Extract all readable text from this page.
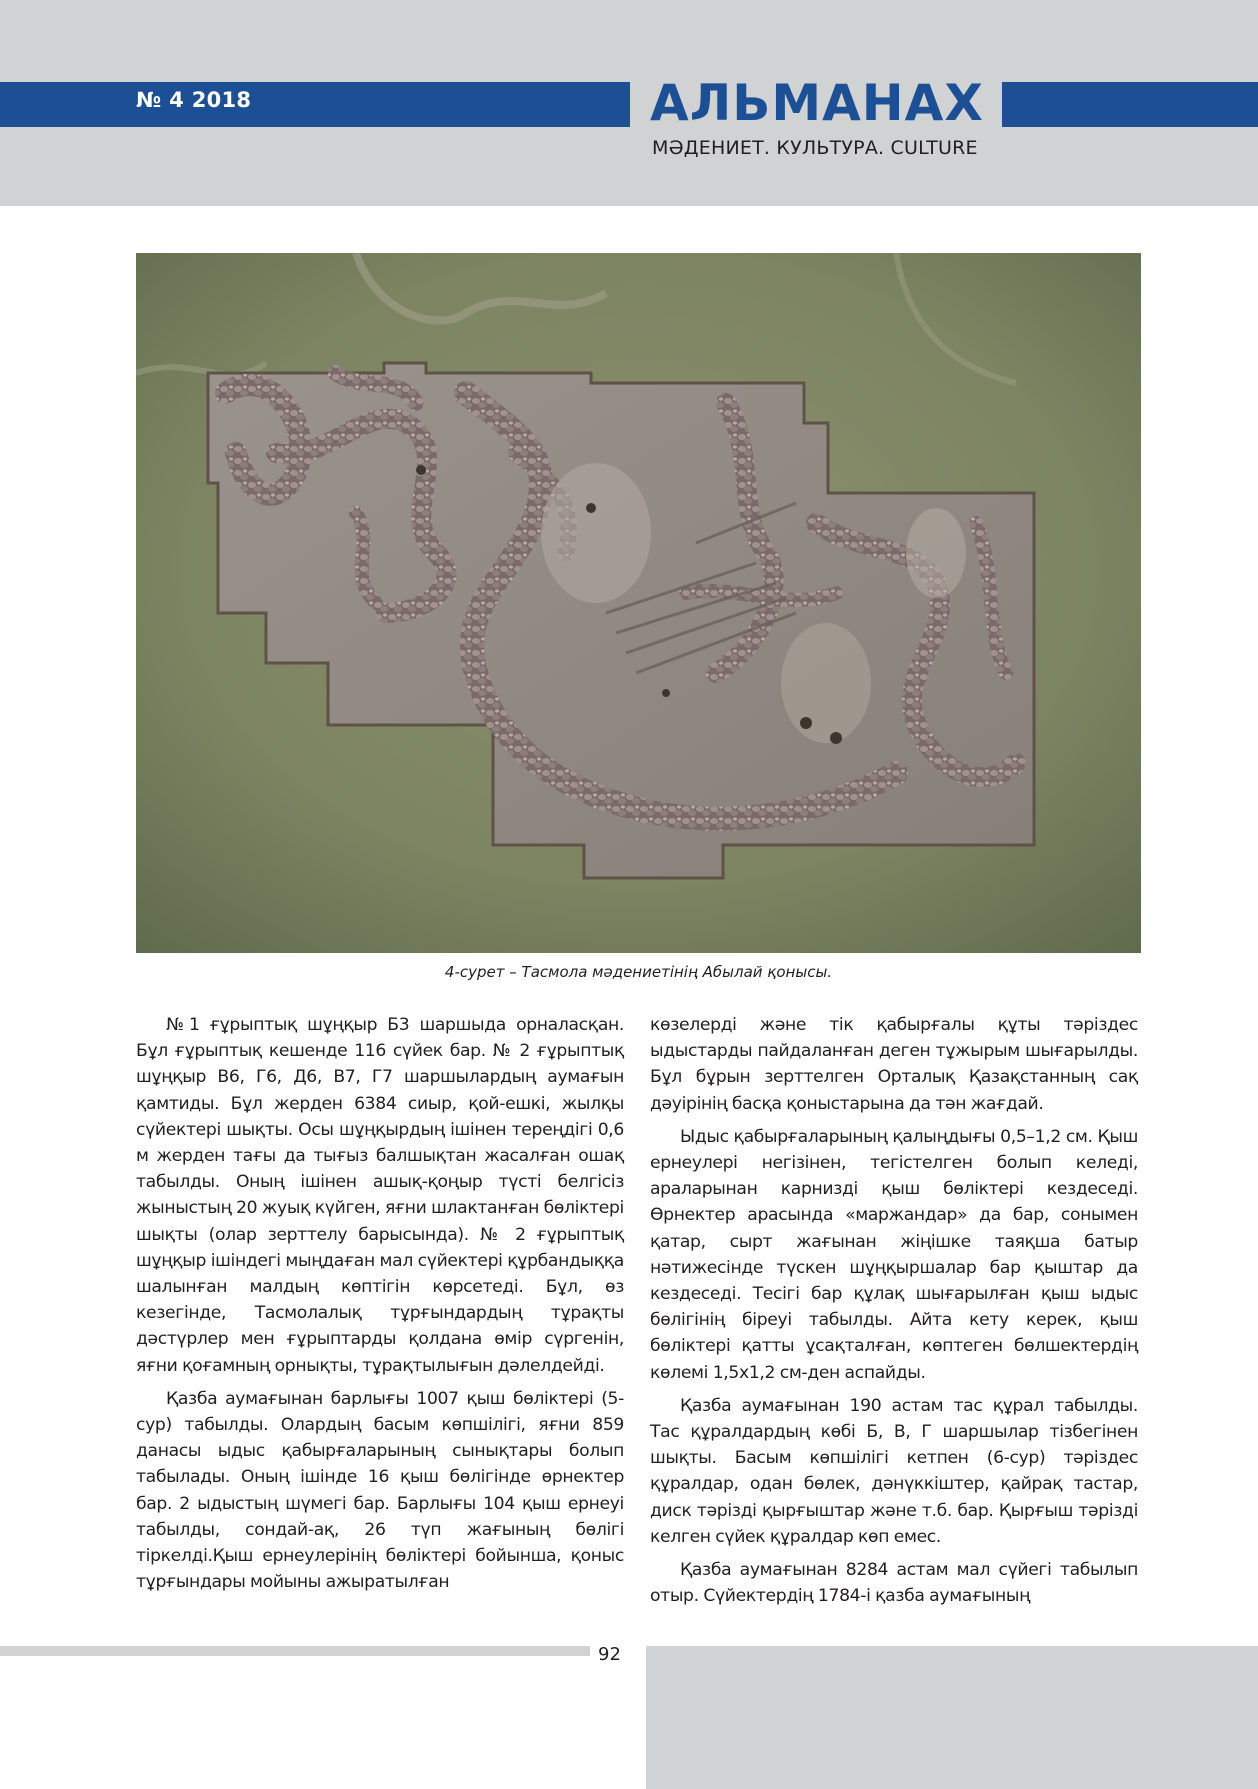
№ 4 2018	АЛЬМАНАХ
МӘДЕНИЕТ. КУЛЬТУРА. CULTURE
4-сурет – Тасмола мәдениетінің Абылай қонысы.

№1 ғұрыптық шұңқыр Б3 шаршыда орналасқан. Бұл ғұрыптық кешенде 116 сүйек бар. № 2 ғұрыптық шұңқыр В6, Г6, Д6, В7, Г7 шаршылардың аумағын қамтиды. Бұл жерден 6384 сиыр, қой-ешкі, жылқы сүйектері шықты. Осы шұңқырдың ішінен тереңдігі 0,6 м жерден тағы да тығыз балшықтан жасалған ошақ табылды. Оның ішінен ашық-қоңыр түсті белгісіз жыныстың 20 жуық күйген, яғни шлактанған бөліктері шықты (олар зерттелу барысында). № 2 ғұрыптық шұңқыр ішіндегі мыңдаған мал сүйектері құрбандыққа шалынған малдың көптігін көрсетеді. Бұл, өз кезегінде, Тасмолалық тұрғындардың тұрақты дәстүрлер мен ғұрыптарды қолдана өмір сүргенін, яғни қоғамның орнықты, тұрақтылығын дәлелдейді.

Қазба аумағынан барлығы 1007 қыш бөліктері (5-сур) табылды. Олардың басым көпшілігі, яғни 859 данасы ыдыс қабырғаларының сынықтары болып табылады. Оның ішінде 16 қыш бөлігінде өрнектер бар. 2 ыдыстың шүмегі бар. Барлығы 104 қыш ернеуі табылды, сондай-ақ, 26 түп жағының бөлігі тіркелді.Қыш ернеулерінің бөліктері бойынша, қоныс тұрғындары мойыны ажыратылған

көзелерді және тік қабырғалы құты тәріздес ыдыстарды пайдаланған деген тұжырым шығарылды. Бұл бұрын зерттелген Орталық Қазақстанның сақ дәуірінің басқа қоныстарына да тән жағдай.

Ыдыс қабырғаларының қалыңдығы 0,5–1,2 см. Қыш ернеулері негізінен, тегістелген болып келеді, араларынан карнизді қыш бөліктері кездеседі. Өрнектер арасында «маржандар» да бар, сонымен қатар, сырт жағынан жіңішке таяқша батыр нәтижесінде түскен шұңқыршалар бар қыштар да кездеседі. Тесігі бар құлақ шығарылған қыш ыдыс бөлігінің біреуі табылды. Айта кету керек, қыш бөліктері қатты ұсақталған, көптеген бөлшектердің көлемі 1,5х1,2 см-ден аспайды.

Қазба аумағынан 190 астам тас құрал табылды. Тас құралдардың көбі Б, В, Г шаршылар тізбегінен шықты. Басым көпшілігі кетпен (6-сур) тәріздес құралдар, одан бөлек, дәнүккіштер, қайрақ тастар, диск тәрізді қырғыштар және т.б. бар. Қырғыш тәрізді келген сүйек құралдар көп емес.

Қазба аумағынан 8284 астам мал сүйегі табылып отыр. Сүйектердің 1784-і қазба аумағының

92
